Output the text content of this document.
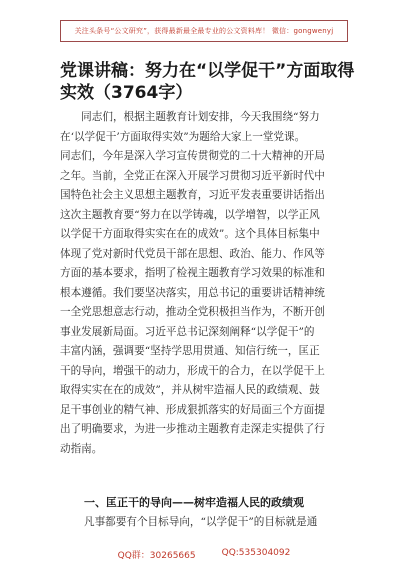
关注头条号“公文研究”，获得最新最全最专业的公文资料库！ 微信：gongwenyj
党课讲稿：努力在“以学促干”方面取得实效（3764字）
　　同志们，根据主题教育计划安排，今天我围绕“努力
在‘以学促干’方面取得实效”为题给大家上一堂党课。
同志们，今年是深入学习宣传贯彻党的二十大精神的开局
之年。当前，全党正在深入开展学习贯彻习近平新时代中
国特色社会主义思想主题教育，习近平发表重要讲话指出
这次主题教育要“努力在以学铸魂，以学增智，以学正风
以学促干方面取得实实在在的成效”。这个具体目标集中
体现了党对新时代党员干部在思想、政治、能力、作风等
方面的基本要求，指明了检视主题教育学习效果的标准和
根本遵循。我们要坚决落实，用总书记的重要讲话精神统
一全党思想意志行动，推动全党积极担当作为，不断开创
事业发展新局面。习近平总书记深刻阐释“以学促干”的
丰富内涵，强调要“坚持学思用贯通、知信行统一，匡正
干的导向，增强干的动力，形成干的合力，在以学促干上
取得实实在在的成效”，并从树牢造福人民的政绩观、鼓
足干事创业的精气神、形成狠抓落实的好局面三个方面提
出了明确要求，为进一步推动主题教育走深走实提供了行
动指南。
一、匡正干的导向——树牢造福人民的政绩观
凡事都要有个目标导向，“以学促干”的目标就是通
QQ群：30265665	QQ:535304092
